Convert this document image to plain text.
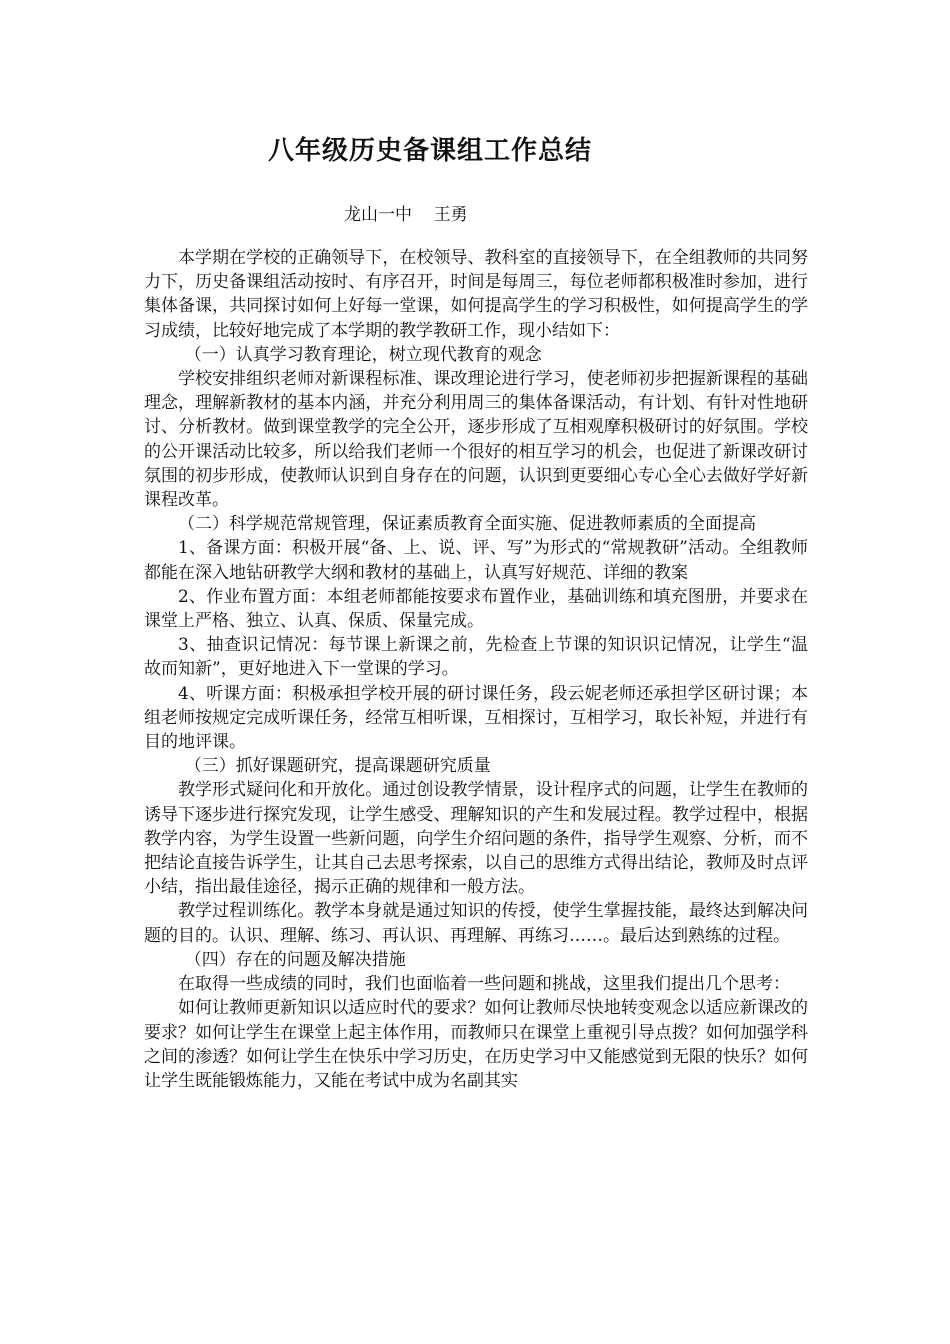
八年级历史备课组工作总结

龙山一中    王勇

本学期在学校的正确领导下，在校领导、教科室的直接领导下，在全组教师的共同努力下，历史备课组活动按时、有序召开，时间是每周三，每位老师都积极准时参加，进行集体备课，共同探讨如何上好每一堂课，如何提高学生的学习积极性，如何提高学生的学习成绩，比较好地完成了本学期的教学教研工作，现小结如下：

（一）认真学习教育理论，树立现代教育的观念

学校安排组织老师对新课程标准、课改理论进行学习，使老师初步把握新课程的基础理念，理解新教材的基本内涵，并充分利用周三的集体备课活动，有计划、有针对性地研讨、分析教材。做到课堂教学的完全公开，逐步形成了互相观摩积极研讨的好氛围。学校的公开课活动比较多，所以给我们老师一个很好的相互学习的机会，也促进了新课改研讨氛围的初步形成，使教师认识到自身存在的问题，认识到更要细心专心全心去做好学好新课程改革。

（二）科学规范常规管理，保证素质教育全面实施、促进教师素质的全面提高

1、备课方面：积极开展“备、上、说、评、写”为形式的“常规教研”活动。全组教师都能在深入地钻研教学大纲和教材的基础上，认真写好规范、详细的教案

2、作业布置方面：本组老师都能按要求布置作业，基础训练和填充图册，并要求在课堂上严格、独立、认真、保质、保量完成。

3、抽查识记情况：每节课上新课之前，先检查上节课的知识识记情况，让学生“温故而知新”，更好地进入下一堂课的学习。

4、听课方面：积极承担学校开展的研讨课任务，段云妮老师还承担学区研讨课；本组老师按规定完成听课任务，经常互相听课，互相探讨，互相学习，取长补短，并进行有目的地评课。

（三）抓好课题研究，提高课题研究质量

教学形式疑问化和开放化。通过创设教学情景，设计程序式的问题，让学生在教师的诱导下逐步进行探究发现，让学生感受、理解知识的产生和发展过程。教学过程中，根据教学内容，为学生设置一些新问题，向学生介绍问题的条件，指导学生观察、分析，而不把结论直接告诉学生，让其自己去思考探索，以自己的思维方式得出结论，教师及时点评小结，指出最佳途径，揭示正确的规律和一般方法。

教学过程训练化。教学本身就是通过知识的传授，使学生掌握技能，最终达到解决问题的目的。认识、理解、练习、再认识、再理解、再练习……。最后达到熟练的过程。

（四）存在的问题及解决措施

在取得一些成绩的同时，我们也面临着一些问题和挑战，这里我们提出几个思考：

如何让教师更新知识以适应时代的要求？如何让教师尽快地转变观念以适应新课改的要求？如何让学生在课堂上起主体作用，而教师只在课堂上重视引导点拨？如何加强学科之间的渗透？如何让学生在快乐中学习历史，在历史学习中又能感觉到无限的快乐？如何让学生既能锻炼能力，又能在考试中成为名副其实
